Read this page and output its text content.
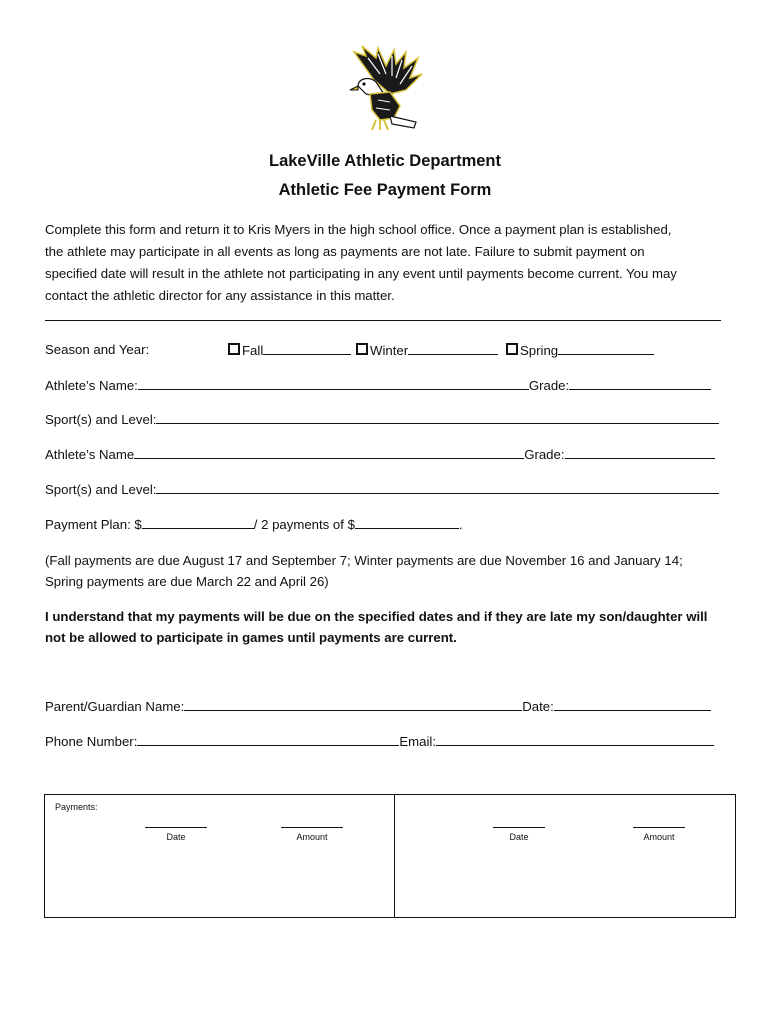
LakeVille Athletic Department
Athletic Fee Payment Form
Complete this form and return it to Kris Myers in the high school office. Once a payment plan is established,
the athlete may participate in all events as long as payments are not late. Failure to submit payment on
specified date will result in the athlete not participating in any event until payments become current. You may
contact the athletic director for any assistance in this matter.
Season and Year:	Fall	Winter	Spring
Athlete’s Name:	Grade:
Sport(s) and Level:
Athlete’s Name	Grade:
Sport(s) and Level:
Payment Plan: $	/ 2 payments of $	.
(Fall payments are due August 17 and September 7; Winter payments are due November 16 and January 14;
Spring payments are due March 22 and April 26)
I understand that my payments will be due on the specified dates and if they are late my son/daughter will
not be allowed to participate in games until payments are current.
Parent/Guardian Name:	Date:
Phone Number:	Email:
Payments:
Date	Amount	Date	Amount
